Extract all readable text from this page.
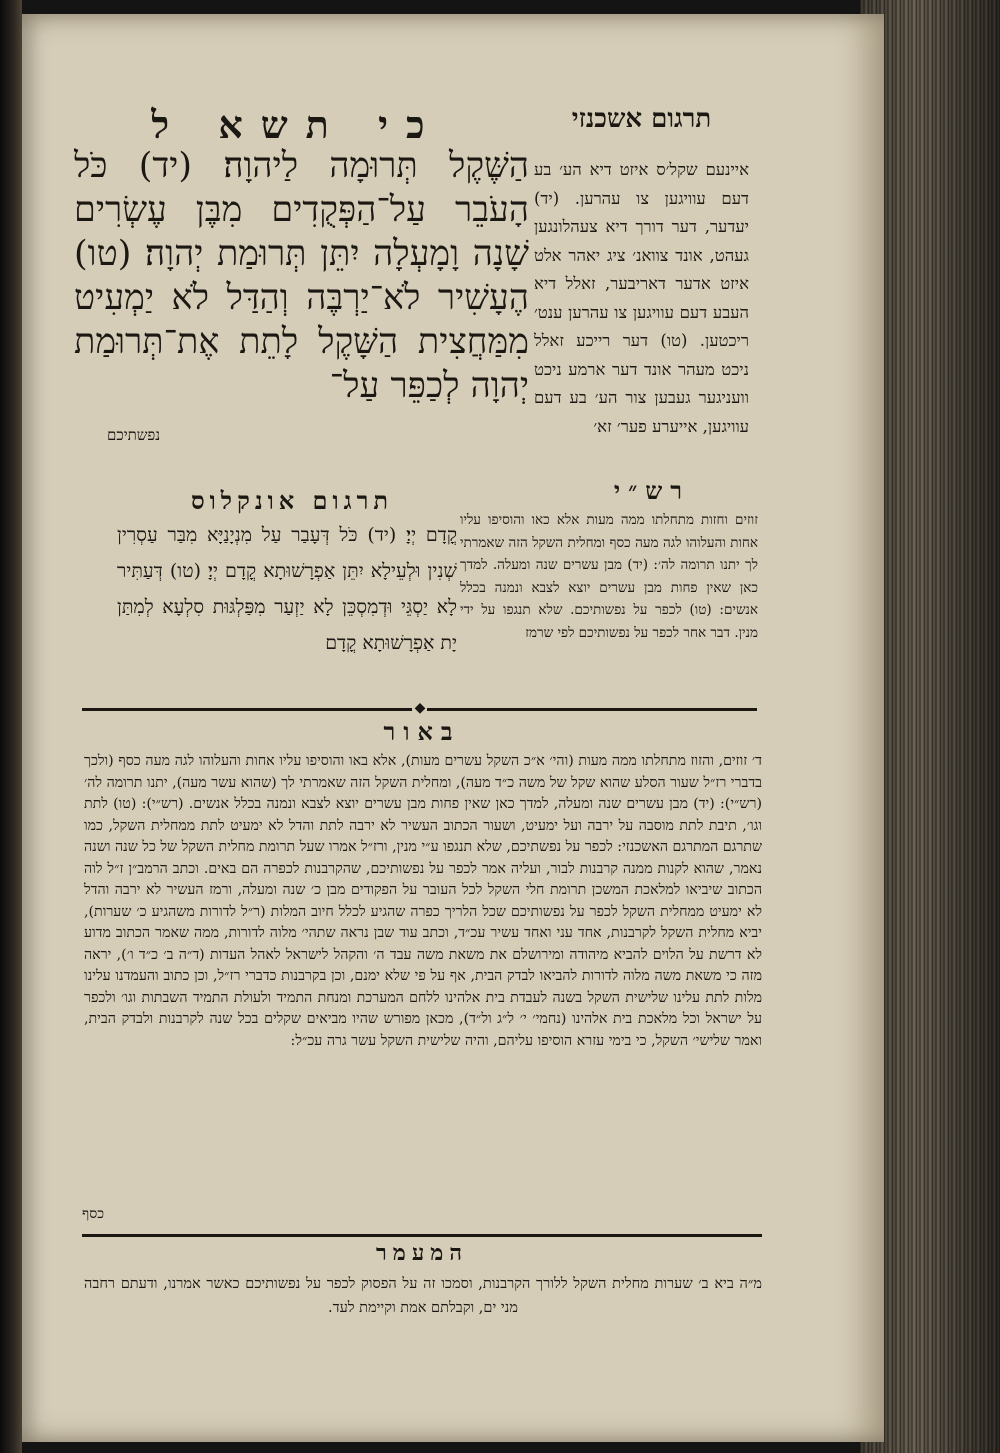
כי תשא ל	תרגום אשכנזי
הַשֶּׁקֶל תְּרוּמָה לַיהוָה׃ (יד) כֹּל הָעֹבֵר עַל־הַפְּקֻדִים מִבֶּן עֶשְׂרִים שָׁנָה וָמָעְלָה יִתֵּן תְּרוּמַת יְהוָה׃ (טו) הֶעָשִׁיר לֹא־יַרְבֶּה וְהַדַּל לֹא יַמְעִיט מִמַּחֲצִית הַשָּׁקֶל לָתֵת אֶת־תְּרוּמַת יְהוָה לְכַפֵּר עַל־
נפשתיכם
איינעם שקל׳ס איזט דיא הע׳ בע דעם עוויגען צו עהרען. (יד) יעדער, דער דורך דיא צעהלונגען געהט, אונד צוואנ׳ ציג יאהר אלט איזט אדער דאריבער, זאלל דיא העבע דעם עוויגען צו עהרען ענט׳ ריכטען. (טו) דער רייכע זאלל ניכט מעהר אונד דער ארמע ניכט וועניגער געבען צור הע׳ בע דעם עוויגען, אייערע פער׳ זא׳
רש״י
זוזים וחזות מתחלתו ממה מעות אלא כאו והוסיפו עליו אחות והעלוהו לגה מעה כסף ומחלית השקל הזה שאמרתי לך יתנו תרומה לה׳: (יד) מבן עשרים שנה ומעלה. למדך כאן שאין פחות מבן עשרים יוצא לצבא ונמנה בכלל אנשים: (טו) לכפר על נפשותיכם. שלא תנגפו על ידי מנין. דבר אחר לכפר על נפשותיכם לפי שרמז
תרגום אונקלוס
קֳדָם יְיָ׃ (יד) כֹּל דְּעָבַר עַל מִנְיָנַיָּא מִבַּר עַסְרִין שְׁנִין וּלְעֵילָא יִתֵּן אַפְרָשׁוּתָא קֳדָם יְיָ׃ (טו) דְּעַתִּיר לָא יַסְגֵּי וּדְמִסְכֵּן לָא יַזְעַר מִפַּלְגּוּת סִלְעָא לְמִתַּן יָת אַפְרָשׁוּתָא קֳדָם
◆
באור
ד׳ זוזים, והזוז מתחלתו ממה מעות (והי׳ א״כ השקל עשרים מעות), אלא באו והוסיפו עליו אחות והעלוהו לגה מעה כסף (ולכך בדברי רז״ל שעור הסלע שהוא שקל של משה כ״ד מעה), ומחלית השקל הזה שאמרתי לך (שהוא עשר מעה), יתנו תרומה לה׳ (רש״י): (יד) מבן עשרים שנה ומעלה, למדך כאן שאין פחות מבן עשרים יוצא לצבא ונמנה בכלל אנשים. (רש״י): (טו) לתת וגו׳, תיבת לתת מוסבה על ירבה ועל ימעיט, ושעור הכתוב העשיר לא ירבה לתת והדל לא ימעיט לתת ממחלית השקל, כמו שתרגם המתרגם האשכנזי: לכפר על נפשתיכם, שלא תנגפו ע״י מנין, ורז״ל אמרו שעל תרומת מחלית השקל של כל שנה ושנה נאמר, שהוא לקנות ממנה קרבנות לבור, ועליה אמר לכפר על נפשותיכם, שהקרבנות לכפרה הם באים. וכתב הרמב״ן ז״ל לוה הכתוב שיביאו למלאכת המשכן תרומת חלי השקל לכל העובר על הפקודים מבן כ׳ שנה ומעלה, ורמז העשיר לא ירבה והדל לא ימעיט ממחלית השקל לכפר על נפשותיכם שכל הלריך כפרה שהגיע לכלל חיוב המלות (ר״ל לדורות משהגיע כ׳ שערות), יביא מחלית השקל לקרבנות, אחד עני ואחד עשיר עכ״ד, וכתב עוד שבן נראה שתהי׳ מלוה לדורות, ממה שאמר הכתוב מדוע לא דרשת על הלוים להביא מיהודה ומירושלם את משאת משה עבד ה׳ והקהל לישראל לאהל העדות (ד״ה ב׳ כ״ד ו׳), יראה מזה כי משאת משה מלוה לדורות להביאו לבדק הבית, אף על פי שלא ימנם, וכן בקרבנות כדברי רז״ל, וכן כתוב והעמדנו עלינו מלות לתת עלינו שלישית השקל בשנה לעבדת בית אלהינו ללחם המערכת ומנחת התמיד ולעולת התמיד השבתות וגו׳ ולכפר על ישראל וכל מלאכת בית אלהינו (נחמי׳ י׳ ל״ג ול״ד), מכאן מפורש שהיו מביאים שקלים בכל שנה לקרבנות ולבדק הבית, ואמר שלישי׳ השקל, כי בימי עזרא הוסיפו עליהם, והיה שלישית השקל עשר גרה עכ״ל:
כסף
המעמר
מ״ה ביא ב׳ שערות מחלית השקל ללורך הקרבנות, וסמכו זה על הפסוק לכפר על נפשותיכם כאשר אמרנו, ודעתם רחבה מני ים, וקבלתם אמת וקיימת לעד.
